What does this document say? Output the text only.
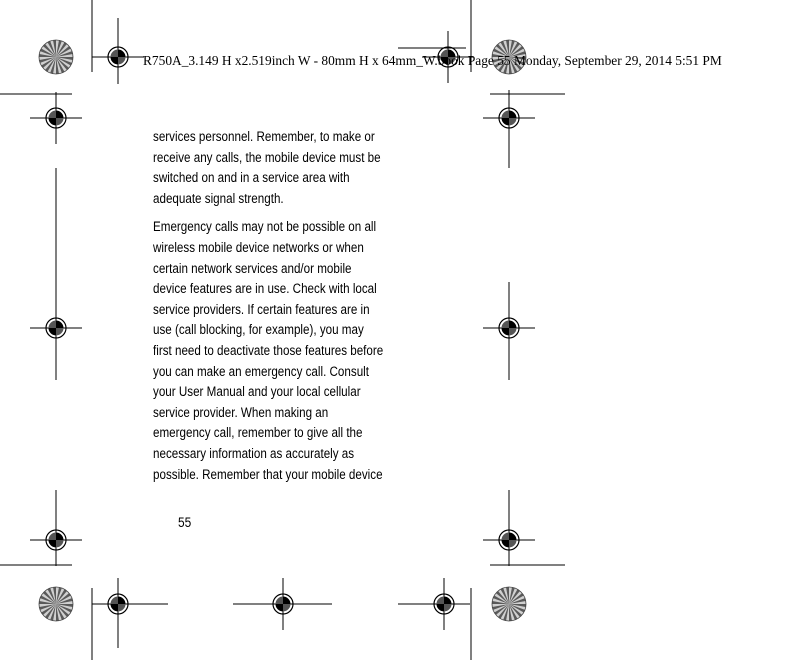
R750A_3.149 H x2.519inch W - 80mm H x 64mm_W.book Page 55 Monday, September 29, 2014 5:51 PM

services personnel. Remember, to make or
receive any calls, the mobile device must be
switched on and in a service area with
adequate signal strength.

Emergency calls may not be possible on all
wireless mobile device networks or when
certain network services and/or mobile
device features are in use. Check with local
service providers. If certain features are in
use (call blocking, for example), you may
first need to deactivate those features before
you can make an emergency call. Consult
your User Manual and your local cellular
service provider. When making an
emergency call, remember to give all the
necessary information as accurately as
possible. Remember that your mobile device

55
